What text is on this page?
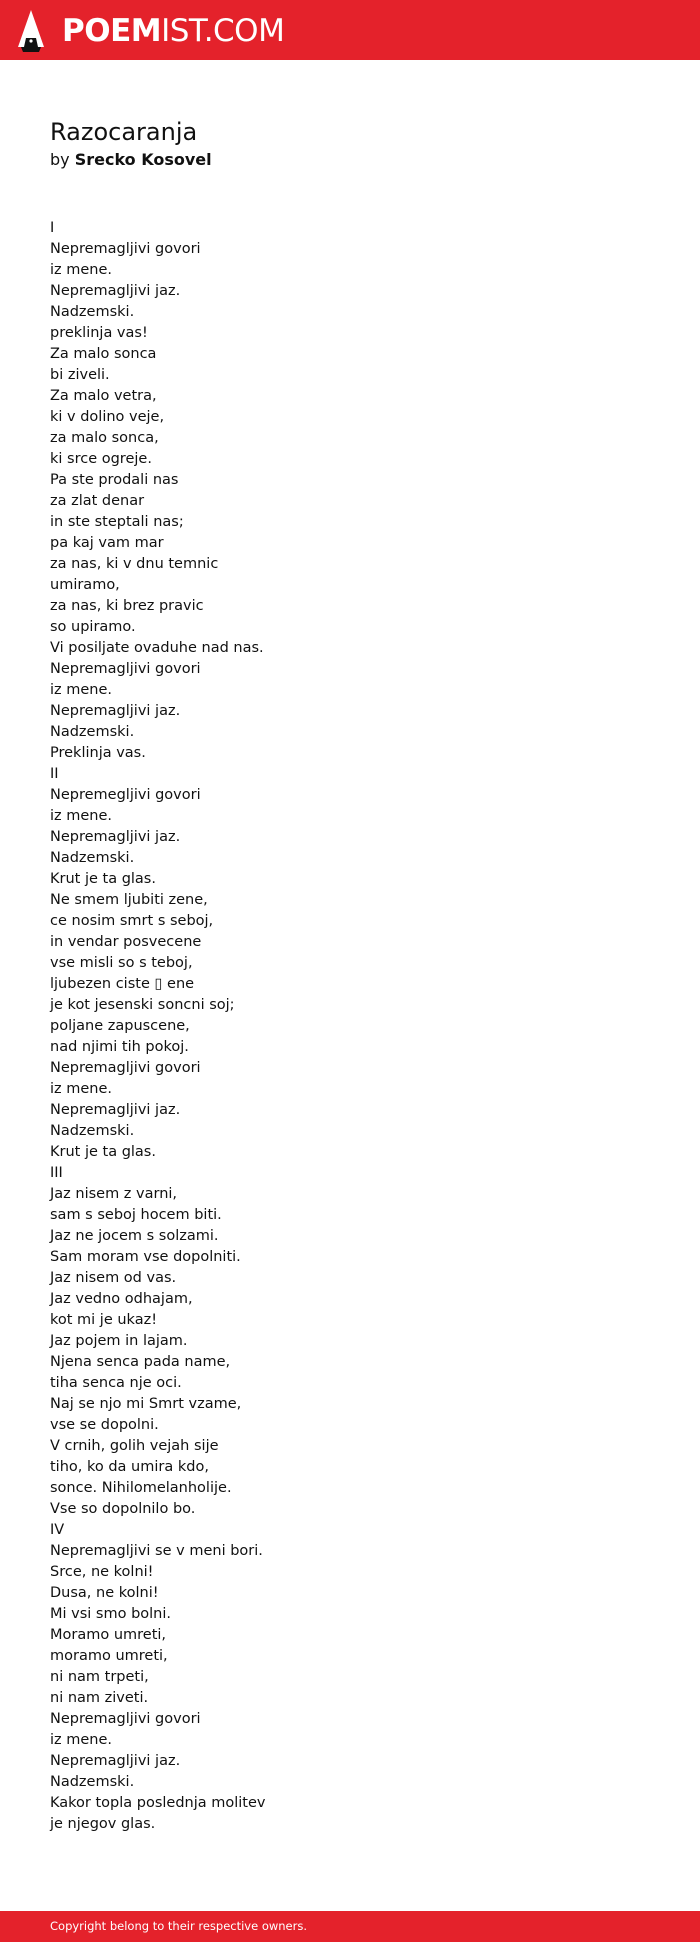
POEMIST.COM
Razocaranja
by Srecko Kosovel
I
Nepremagljivi govori
iz mene.
Nepremagljivi jaz.
Nadzemski.
preklinja vas!
Za malo sonca
bi ziveli.
Za malo vetra,
ki v dolino veje,
za malo sonca,
ki srce ogreje.
Pa ste prodali nas
za zlat denar
in ste steptali nas;
pa kaj vam mar
za nas, ki v dnu temnic
umiramo,
za nas, ki brez pravic
so upiramo.
Vi posiljate ovaduhe nad nas.
Nepremagljivi govori
iz mene.
Nepremagljivi jaz.
Nadzemski.
Preklinja vas.
II
Nepremegljivi govori
iz mene.
Nepremagljivi jaz.
Nadzemski.
Krut je ta glas.
Ne smem ljubiti zene,
ce nosim smrt s seboj,
in vendar posvecene
vse misli so s teboj,
ljubezen ciste ▯ ene
je kot jesenski soncni soj;
poljane zapuscene,
nad njimi tih pokoj.
Nepremagljivi govori
iz mene.
Nepremagljivi jaz.
Nadzemski.
Krut je ta glas.
III
Jaz nisem z varni,
sam s seboj hocem biti.
Jaz ne jocem s solzami.
Sam moram vse dopolniti.
Jaz nisem od vas.
Jaz vedno odhajam,
kot mi je ukaz!
Jaz pojem in lajam.
Njena senca pada name,
tiha senca nje oci.
Naj se njo mi Smrt vzame,
vse se dopolni.
V crnih, golih vejah sije
tiho, ko da umira kdo,
sonce. Nihilomelanholije.
Vse so dopolnilo bo.
IV
Nepremagljivi se v meni bori.
Srce, ne kolni!
Dusa, ne kolni!
Mi vsi smo bolni.
Moramo umreti,
moramo umreti,
ni nam trpeti,
ni nam ziveti.
Nepremagljivi govori
iz mene.
Nepremagljivi jaz.
Nadzemski.
Kakor topla poslednja molitev
je njegov glas.
Copyright belong to their respective owners.
